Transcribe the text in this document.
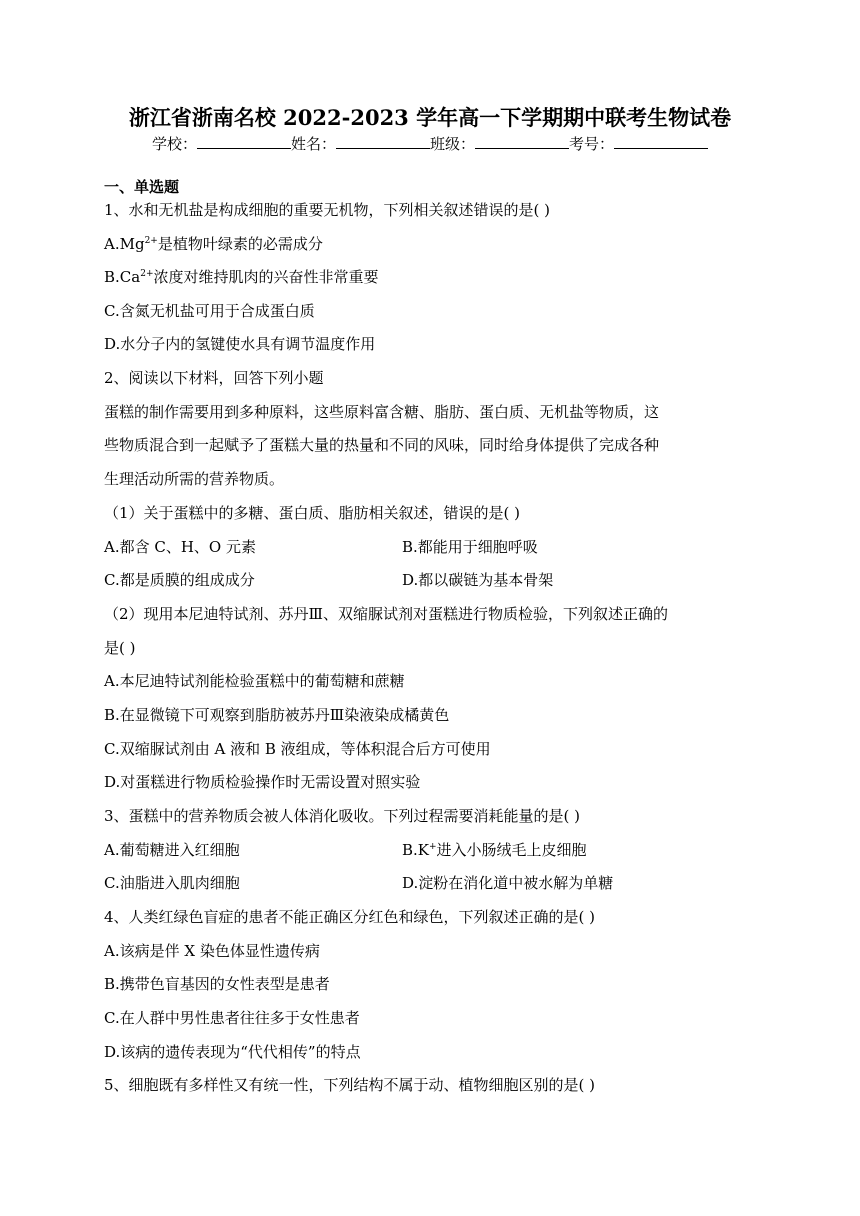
浙江省浙南名校 2022-2023 学年高一下学期期中联考生物试卷
学校：	姓名：	班级：	考号：
一、单选题
1、水和无机盐是构成细胞的重要无机物，下列相关叙述错误的是( )
$A.Mg^{2+}$是植物叶绿素的必需成分
$B.Ca^{2+}$浓度对维持肌肉的兴奋性非常重要
C.含氮无机盐可用于合成蛋白质
D.水分子内的氢键使水具有调节温度作用
2、阅读以下材料，回答下列小题
蛋糕的制作需要用到多种原料，这些原料富含糖、脂肪、蛋白质、无机盐等物质，这
些物质混合到一起赋予了蛋糕大量的热量和不同的风味，同时给身体提供了完成各种
生理活动所需的营养物质。
（1）关于蛋糕中的多糖、蛋白质、脂肪相关叙述，错误的是( )
A.都含 C、H、O 元素	B.都能用于细胞呼吸
C.都是质膜的组成成分	D.都以碳链为基本骨架
（2）现用本尼迪特试剂、苏丹Ⅲ、双缩脲试剂对蛋糕进行物质检验，下列叙述正确的
是( )
A.本尼迪特试剂能检验蛋糕中的葡萄糖和蔗糖
B.在显微镜下可观察到脂肪被苏丹Ⅲ染液染成橘黄色
C.双缩脲试剂由 A 液和 B 液组成，等体积混合后方可使用
D.对蛋糕进行物质检验操作时无需设置对照实验
3、蛋糕中的营养物质会被人体消化吸收。下列过程需要消耗能量的是( )
A.葡萄糖进入红细胞	B.K+进入小肠绒毛上皮细胞
C.油脂进入肌肉细胞	D.淀粉在消化道中被水解为单糖
4、人类红绿色盲症的患者不能正确区分红色和绿色，下列叙述正确的是( )
A.该病是伴 X 染色体显性遗传病
B.携带色盲基因的女性表型是患者
C.在人群中男性患者往往多于女性患者
D.该病的遗传表现为“代代相传”的特点
5、细胞既有多样性又有统一性，下列结构不属于动、植物细胞区别的是( )
